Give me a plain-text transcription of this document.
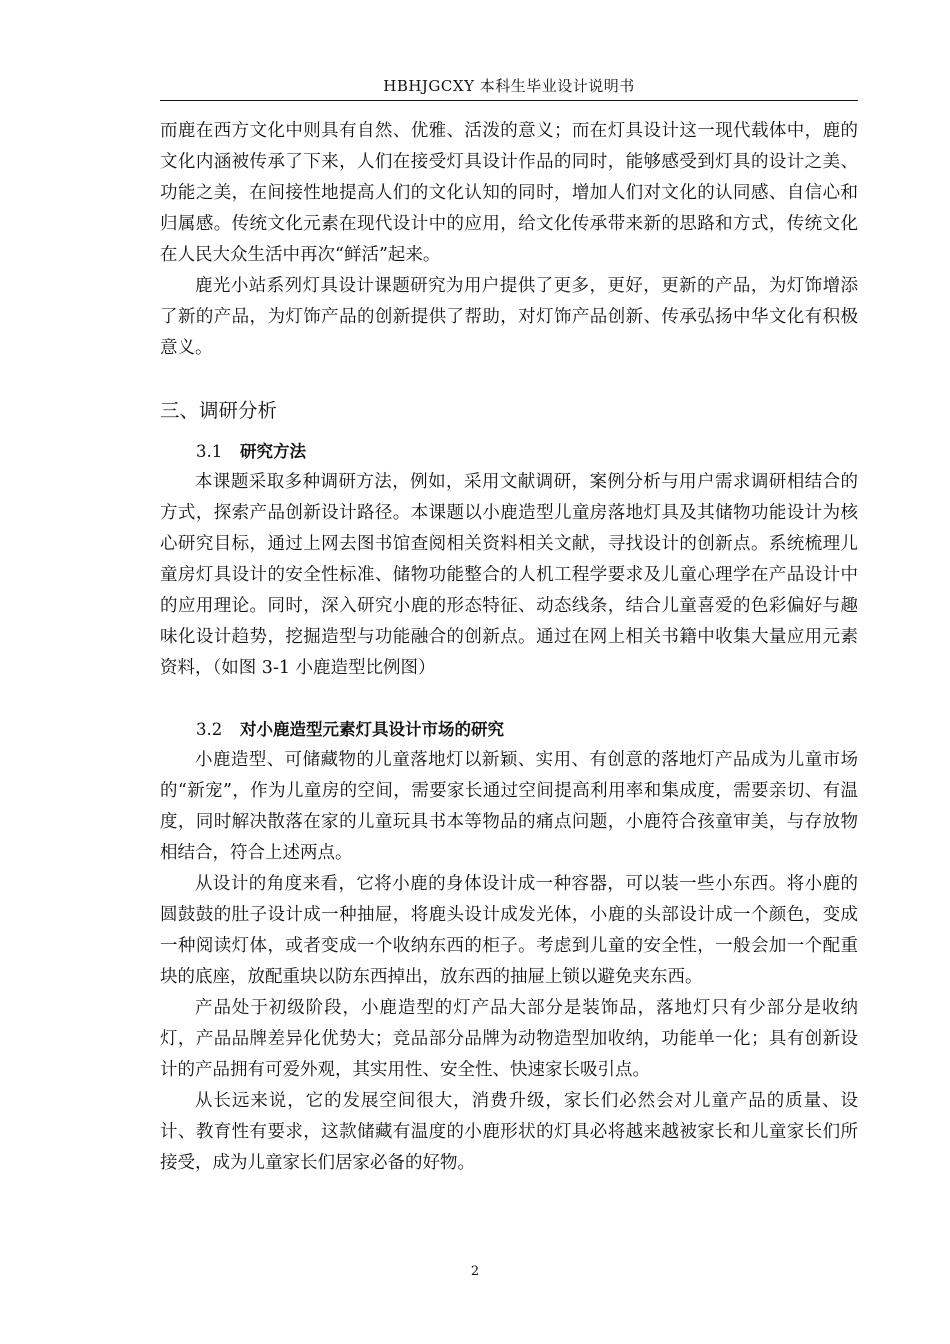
HBHJGCXY 本科生毕业设计说明书

而鹿在西方文化中则具有自然、优雅、活泼的意义；而在灯具设计这一现代载体中，鹿的文化内涵被传承了下来，人们在接受灯具设计作品的同时，能够感受到灯具的设计之美、功能之美，在间接性地提高人们的文化认知的同时，增加人们对文化的认同感、自信心和归属感。传统文化元素在现代设计中的应用，给文化传承带来新的思路和方式，传统文化在人民大众生活中再次“鲜活”起来。

鹿光小站系列灯具设计课题研究为用户提供了更多，更好，更新的产品，为灯饰增添了新的产品，为灯饰产品的创新提供了帮助，对灯饰产品创新、传承弘扬中华文化有积极意义。

三、调研分析

3.1 研究方法

本课题采取多种调研方法，例如，采用文献调研，案例分析与用户需求调研相结合的方式，探索产品创新设计路径。本课题以小鹿造型儿童房落地灯具及其储物功能设计为核心研究目标，通过上网去图书馆查阅相关资料相关文献，寻找设计的创新点。系统梳理儿童房灯具设计的安全性标准、储物功能整合的人机工程学要求及儿童心理学在产品设计中的应用理论。同时，深入研究小鹿的形态特征、动态线条，结合儿童喜爱的色彩偏好与趣味化设计趋势，挖掘造型与功能融合的创新点。通过在网上相关书籍中收集大量应用元素资料，（如图 3-1 小鹿造型比例图）

3.2 对小鹿造型元素灯具设计市场的研究

小鹿造型、可储藏物的儿童落地灯以新颖、实用、有创意的落地灯产品成为儿童市场的“新宠”，作为儿童房的空间，需要家长通过空间提高利用率和集成度，需要亲切、有温度，同时解决散落在家的儿童玩具书本等物品的痛点问题，小鹿符合孩童审美，与存放物相结合，符合上述两点。

从设计的角度来看，它将小鹿的身体设计成一种容器，可以装一些小东西。将小鹿的圆鼓鼓的肚子设计成一种抽屉，将鹿头设计成发光体，小鹿的头部设计成一个颜色，变成一种阅读灯体，或者变成一个收纳东西的柜子。考虑到儿童的安全性，一般会加一个配重块的底座，放配重块以防东西掉出，放东西的抽屉上锁以避免夹东西。

产品处于初级阶段，小鹿造型的灯产品大部分是装饰品，落地灯只有少部分是收纳灯，产品品牌差异化优势大；竞品部分品牌为动物造型加收纳，功能单一化；具有创新设计的产品拥有可爱外观，其实用性、安全性、快速家长吸引点。

从长远来说，它的发展空间很大，消费升级，家长们必然会对儿童产品的质量、设计、教育性有要求，这款储藏有温度的小鹿形状的灯具必将越来越被家长和儿童家长们所接受，成为儿童家长们居家必备的好物。

2
